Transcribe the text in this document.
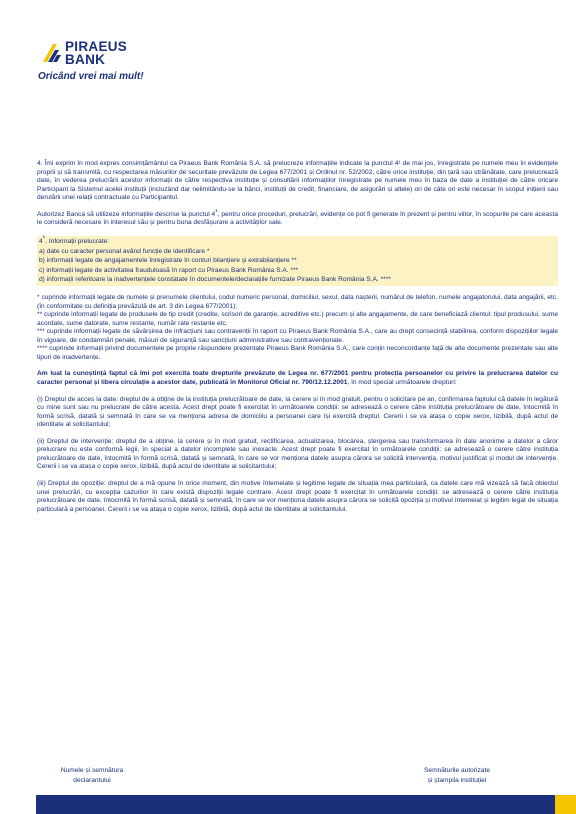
PIRAEUS
BANK
Oricând vrei mai mult!

4. Îmi exprim în mod expres consimțământul ca Piraeus Bank România S.A. să prelucreze informațiile indicate la punctul 4¹ de mai jos, înregistrate pe numele meu în evidențele proprii și să transmită, cu respectarea măsurilor de securitate prevăzute de Legea 677/2001 și Ordinul nr. 52/2002, către orice instituție, din țară sau străinătate, care prelucrează date, în vederea prelucrării acestor informații de către respectiva instituție și consultării informațiilor înregistrate pe numele meu în baza de date a instituției de către oricare Participant la Sistemul acelei instituții (incluzând dar nelimitându-se la bănci, instituții de credit, financiare, de asigurări și altele) ori de câte ori este necesar în scopul inițierii sau derulării unei relații contractuale cu Participantul.

Autorizez Banca să utilizeze informațiile descrise la punctul $4^1$, pentru orice proceduri, prelucrări, evidențe ce pot fi generate în prezent și pentru viitor, în scopurile pe care aceasta le consideră necesare în interesul său și pentru buna desfășurare a activităților sale.

$4^1$. Informații prelucrate:
a) date cu caracter personal având funcție de identificare *
b) informații legate de angajamentele înregistrate în conturi bilanțiere și extrabilanțiere **
c) informații legate de activitatea frauduloasă în raport cu Piraeus Bank România S.A. ***
d) informații referitoare la inadvertențele constatate în documentele/declarațiile furnizate Piraeus Bank România S.A. ****
* cuprinde informații legate de numele și prenumele clientului, codul numeric personal, domiciliul, sexul, data nașterii, numărul de telefon, numele angajatorului, data angajării, etc. (în conformitate cu definiția prevăzută de art. 3 din Legea 677/2001);
** cuprinde informații legate de produsele de tip credit (credite, scrisori de garanție, acreditive etc.) precum și alte angajamente, de care beneficiază clientul: tipul produsului, sume acordate, sume datorate, sume restante, număr rate restante etc.
*** cuprinde informații legate de săvârșirea de infracțiuni sau contravenții în raport cu Piraeus Bank România S.A., care au drept consecință stabilirea, conform dispozițiilor legale în vigoare, de condamnări penale, măsuri de siguranță sau sancțiuni administrative sau contravenționale.
**** cuprinde informații privind documentele pe proprie răspundere prezentate Piraeus Bank România S.A., care conțin neconcordanțe față de alte documente prezentate sau alte tipuri de inadvertențe.

Am luat la cunoștință faptul că îmi pot exercita toate drepturile prevăzute de Legea nr. 677/2001 pentru protecția persoanelor cu privire la prelucrarea datelor cu caracter personal și libera circulație a acestor date, publicată în Monitorul Oficial nr. 790/12.12.2001, în mod special următoarele drepturi:

(i) Dreptul de acces la date: dreptul de a obține de la instituția prelucrătoare de date, la cerere și în mod gratuit, pentru o solicitare pe an, confirmarea faptului că datele în legătură cu mine sunt sau nu prelucrate de către acesta. Acest drept poate fi exercitat în următoarele condiții: se adresează o cerere către instituția prelucrătoare de date, întocmită în formă scrisă, datată și semnată în care se va menționa adresa de domiciliu a persoanei care își exercită dreptul. Cererii i se va atașa o copie xerox, lizibilă, după actul de identitate al solicitantului;

(ii) Dreptul de intervenție: dreptul de a obține, la cerere și în mod gratuit, rectificarea, actualizarea, blocarea, ștergerea sau transformarea în date anonime a datelor a căror prelucrare nu este conformă legii, în special a datelor incomplete sau inexacte. Acest drept poate fi exercitat în următoarele condiții: se adresează o cerere către instituția prelucrătoare de date, întocmită în formă scrisă, datată și semnată, în care se vor menționa datele asupra cărora se solicită intervenția, motivul justificat și modul de intervenție. Cererii i se va atașa o copie xerox, lizibilă, după actul de identitate al solicitantului;

(iii) Dreptul de opoziție: dreptul de a mă opune în orice moment, din motive întemeiate și legitime legate de situația mea particulară, ca datele care mă vizează să facă obiectul unei prelucrări, cu excepția cazurilor în care există dispoziții legale contrare. Acest drept poate fi exercitat în următoarele condiții: se adresează o cerere către instituția prelucrătoare de date, întocmită în formă scrisă, datată și semnată, în care se vor menționa datele asupra cărora se solicită opoziția și motivul întemeiat și legitim legat de situația particulară a persoanei. Cererii i se va atașa o copie xerox, lizibilă, după actul de identitate al solicitantului.

Numele și semnătura
declarantului
Semnăturile autorizate
și ștampila instituției
